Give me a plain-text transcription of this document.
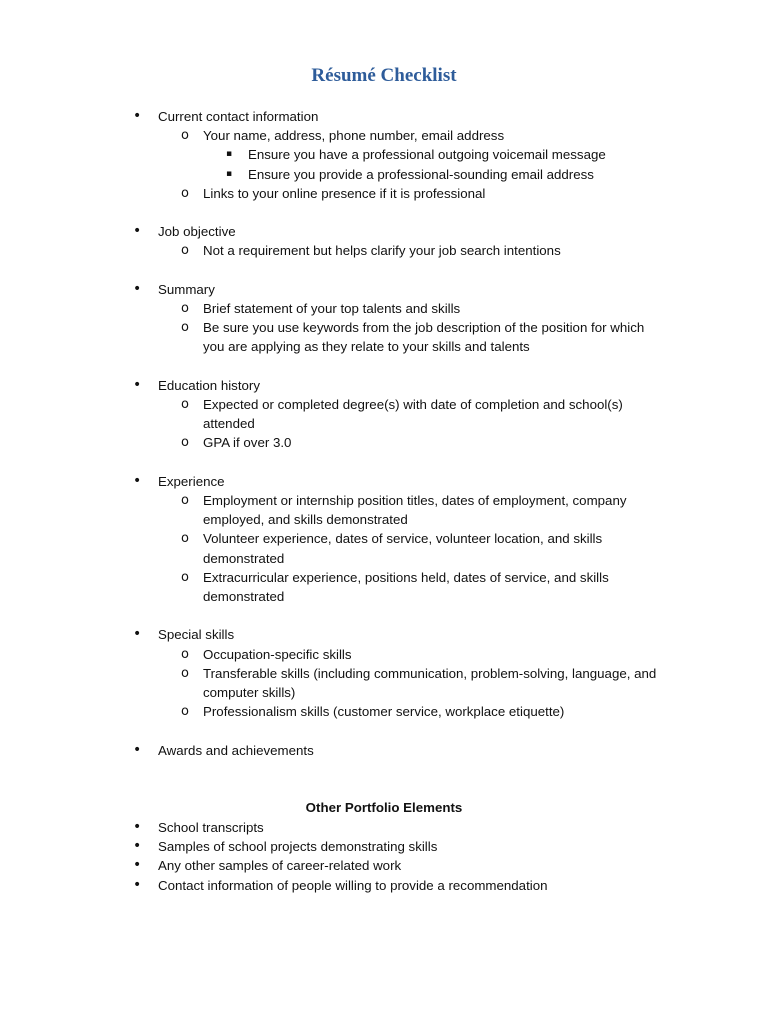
Résumé Checklist
• Current contact information
o Your name, address, phone number, email address
▪ Ensure you have a professional outgoing voicemail message
▪ Ensure you provide a professional-sounding email address
o Links to your online presence if it is professional
• Job objective
o Not a requirement but helps clarify your job search intentions
• Summary
o Brief statement of your top talents and skills
o Be sure you use keywords from the job description of the position for which you are applying as they relate to your skills and talents
• Education history
o Expected or completed degree(s) with date of completion and school(s) attended
o GPA if over 3.0
• Experience
o Employment or internship position titles, dates of employment, company employed, and skills demonstrated
o Volunteer experience, dates of service, volunteer location, and skills demonstrated
o Extracurricular experience, positions held, dates of service, and skills demonstrated
• Special skills
o Occupation-specific skills
o Transferable skills (including communication, problem-solving, language, and computer skills)
o Professionalism skills (customer service, workplace etiquette)
• Awards and achievements
Other Portfolio Elements
• School transcripts
• Samples of school projects demonstrating skills
• Any other samples of career-related work
• Contact information of people willing to provide a recommendation
